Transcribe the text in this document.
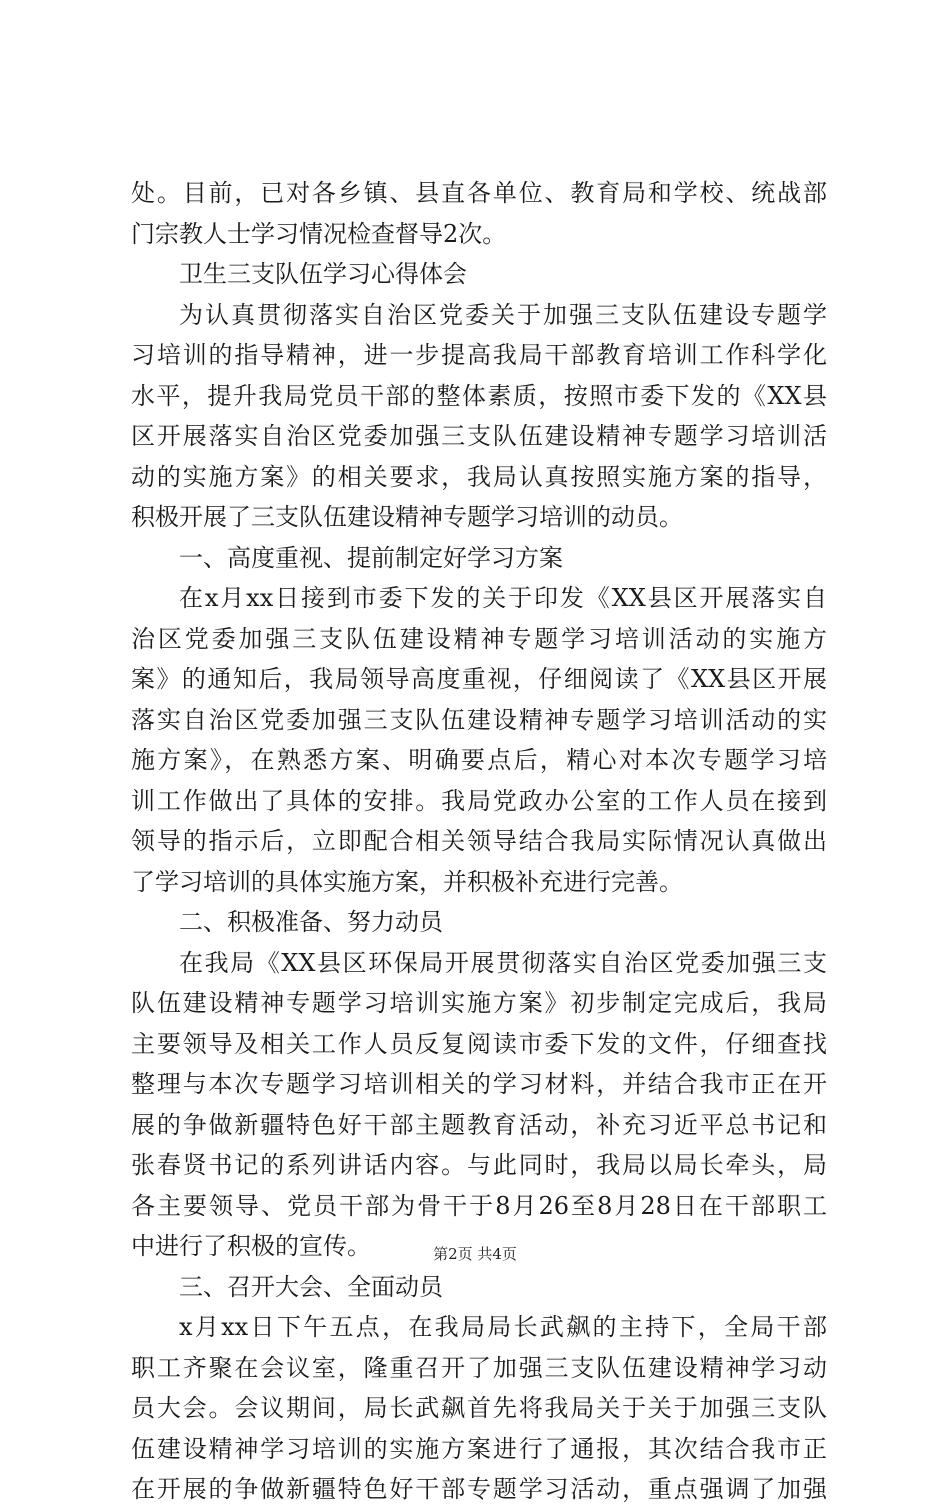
处。目前，已对各乡镇、县直各单位、教育局和学校、统战部
门宗教人士学习情况检查督导2次。
卫生三支队伍学习心得体会
为认真贯彻落实自治区党委关于加强三支队伍建设专题学
习培训的指导精神，进一步提高我局干部教育培训工作科学化
水平，提升我局党员干部的整体素质，按照市委下发的《XX县
区开展落实自治区党委加强三支队伍建设精神专题学习培训活
动的实施方案》的相关要求，我局认真按照实施方案的指导，
积极开展了三支队伍建设精神专题学习培训的动员。
一、高度重视、提前制定好学习方案
在x月xx日接到市委下发的关于印发《XX县区开展落实自
治区党委加强三支队伍建设精神专题学习培训活动的实施方
案》的通知后，我局领导高度重视，仔细阅读了《XX县区开展
落实自治区党委加强三支队伍建设精神专题学习培训活动的实
施方案》，在熟悉方案、明确要点后，精心对本次专题学习培
训工作做出了具体的安排。我局党政办公室的工作人员在接到
领导的指示后，立即配合相关领导结合我局实际情况认真做出
了学习培训的具体实施方案，并积极补充进行完善。
二、积极准备、努力动员
在我局《XX县区环保局开展贯彻落实自治区党委加强三支
队伍建设精神专题学习培训实施方案》初步制定完成后，我局
主要领导及相关工作人员反复阅读市委下发的文件，仔细查找
整理与本次专题学习培训相关的学习材料，并结合我市正在开
展的争做新疆特色好干部主题教育活动，补充习近平总书记和
张春贤书记的系列讲话内容。与此同时，我局以局长牵头，局
各主要领导、党员干部为骨干于8月26至8月28日在干部职工
中进行了积极的宣传。
三、召开大会、全面动员
x月xx日下午五点，在我局局长武飙的主持下，全局干部
职工齐聚在会议室，隆重召开了加强三支队伍建设精神学习动
员大会。会议期间，局长武飙首先将我局关于关于加强三支队
伍建设精神学习培训的实施方案进行了通报，其次结合我市正
在开展的争做新疆特色好干部专题学习活动，重点强调了加强
第2页 共4页
